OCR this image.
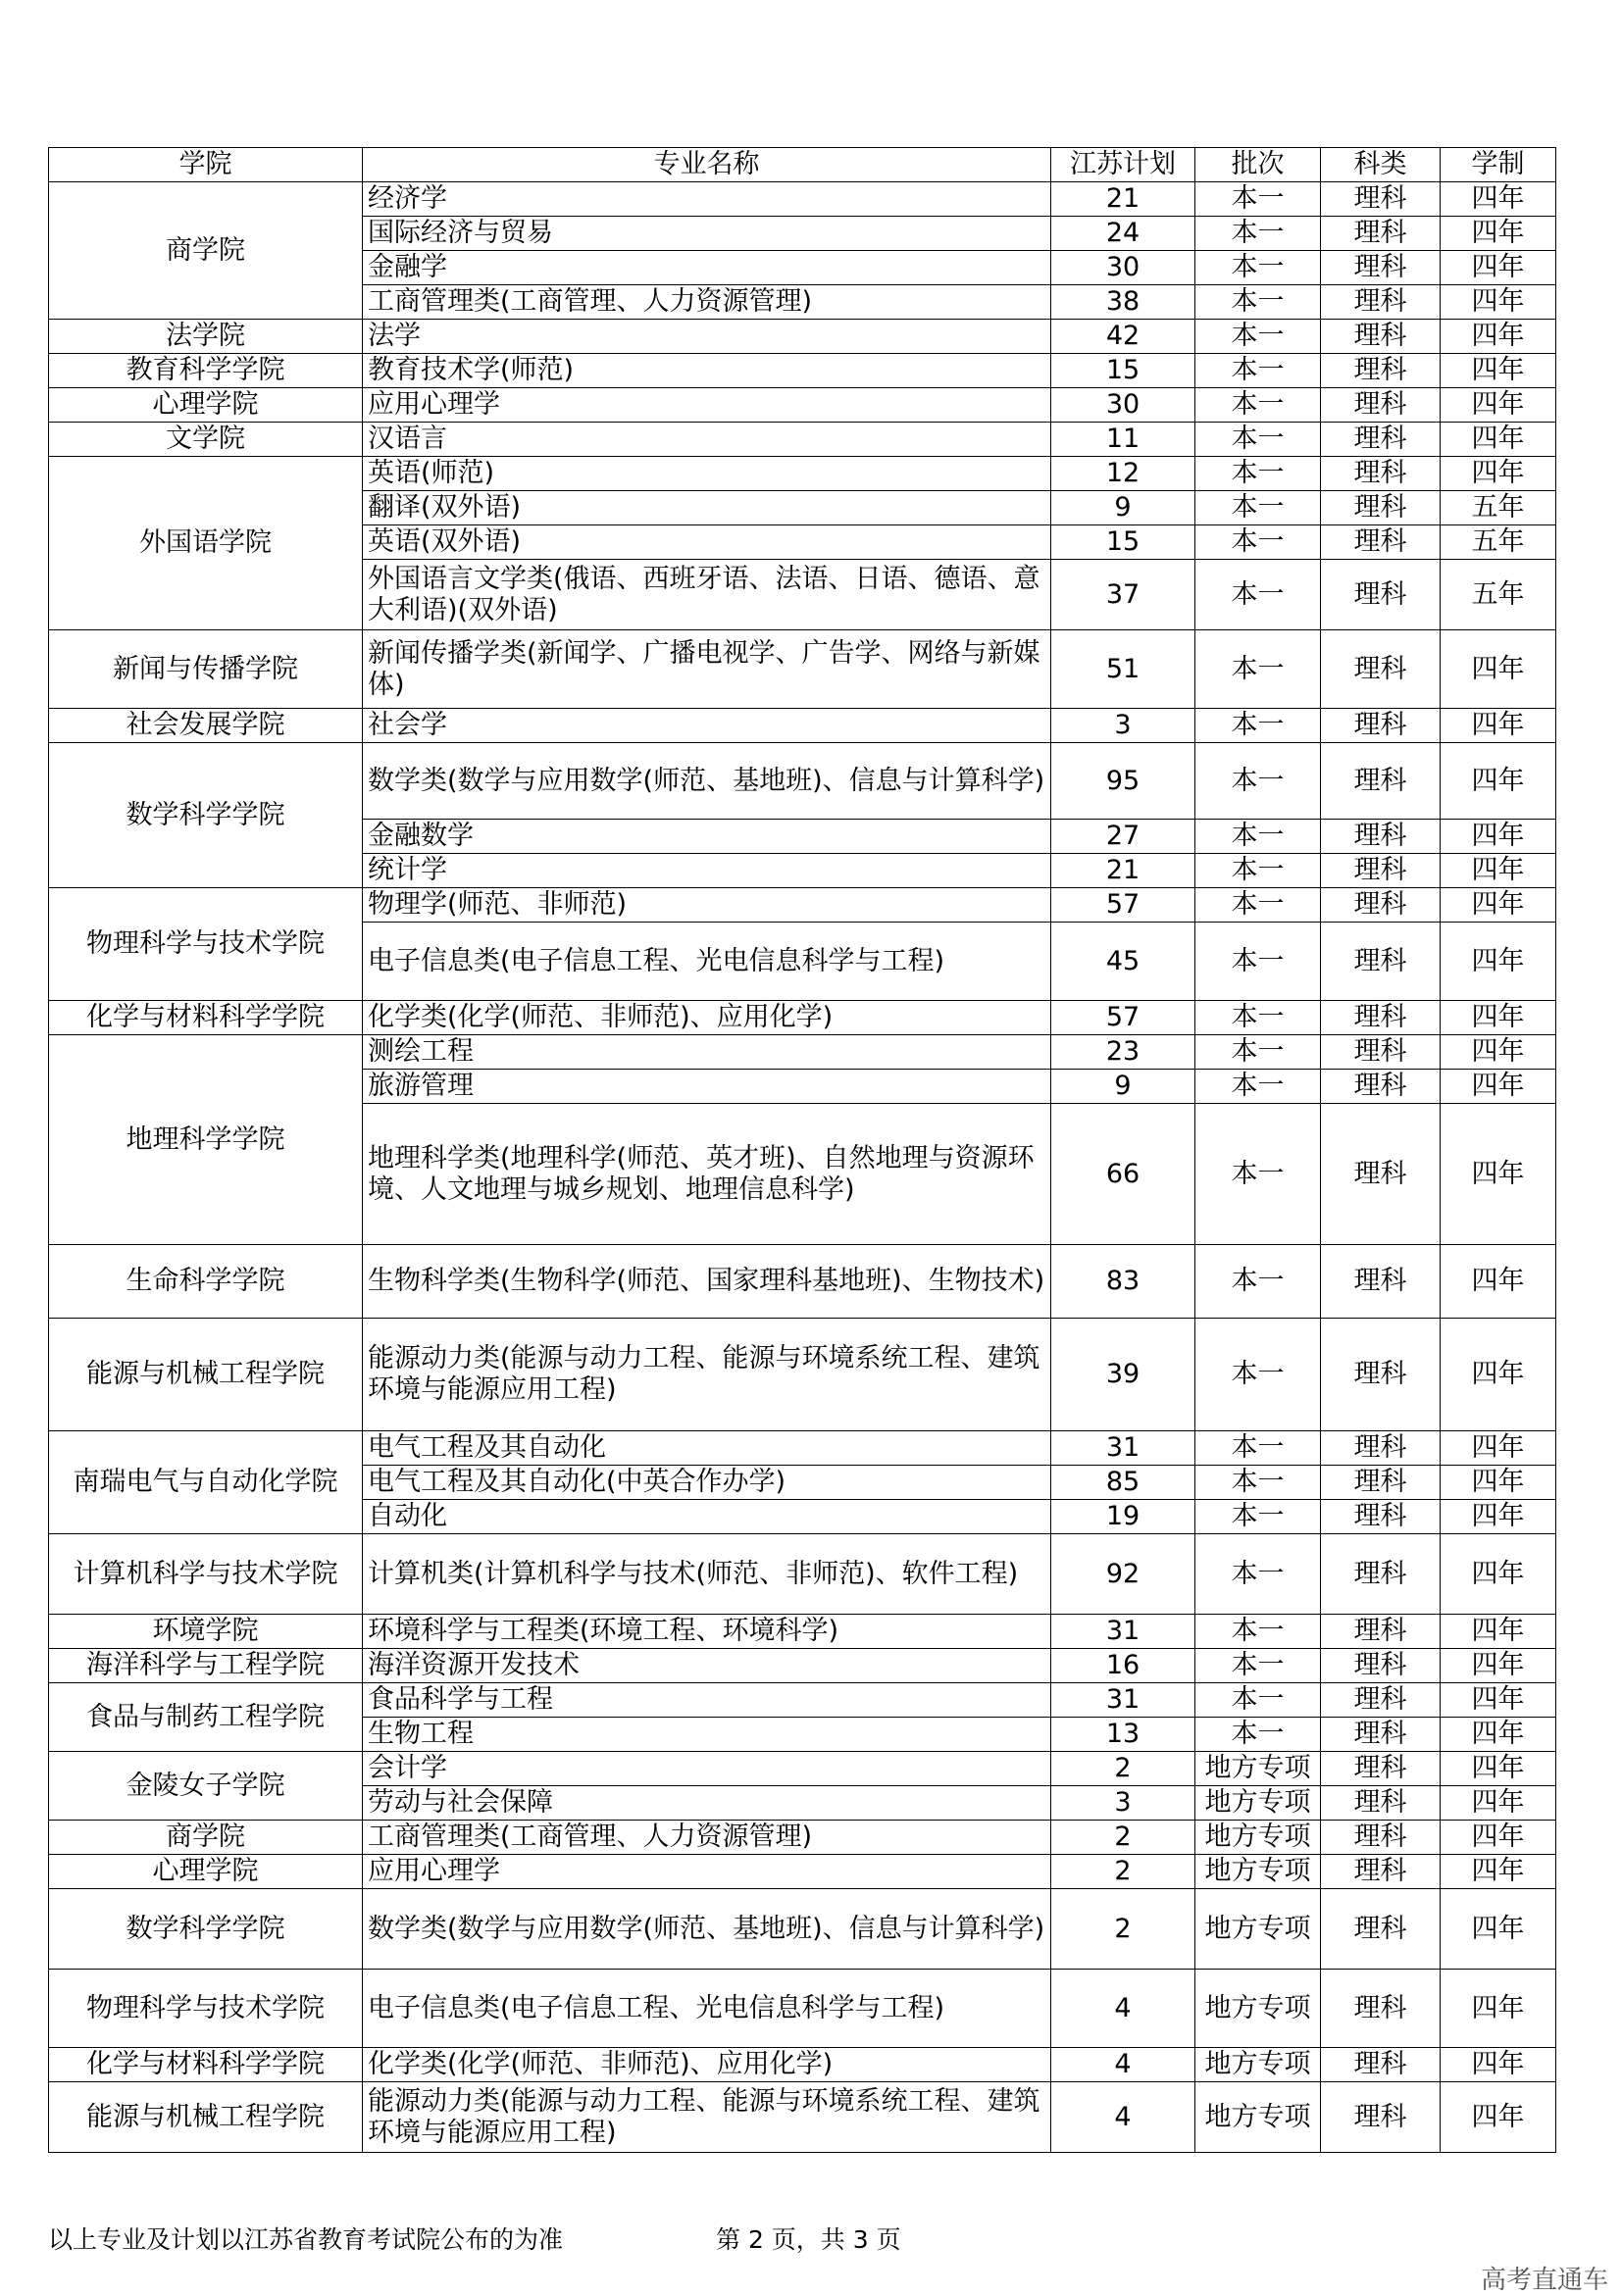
学院	专业名称	江苏计划	批次	科类	学制
商学院	经济学	21	本一	理科	四年
	国际经济与贸易	24	本一	理科	四年
	金融学	30	本一	理科	四年
	工商管理类(工商管理、人力资源管理)	38	本一	理科	四年
法学院	法学	42	本一	理科	四年
教育科学学院	教育技术学(师范)	15	本一	理科	四年
心理学院	应用心理学	30	本一	理科	四年
文学院	汉语言	11	本一	理科	四年
外国语学院	英语(师范)	12	本一	理科	四年
	翻译(双外语)	9	本一	理科	五年
	英语(双外语)	15	本一	理科	五年
	外国语言文学类(俄语、西班牙语、法语、日语、德语、意大利语)(双外语)	37	本一	理科	五年
新闻与传播学院	新闻传播学类(新闻学、广播电视学、广告学、网络与新媒体)	51	本一	理科	四年
社会发展学院	社会学	3	本一	理科	四年
数学科学学院	数学类(数学与应用数学(师范、基地班)、信息与计算科学)	95	本一	理科	四年
	金融数学	27	本一	理科	四年
	统计学	21	本一	理科	四年
物理科学与技术学院	物理学(师范、非师范)	57	本一	理科	四年
	电子信息类(电子信息工程、光电信息科学与工程)	45	本一	理科	四年
化学与材料科学学院	化学类(化学(师范、非师范)、应用化学)	57	本一	理科	四年
地理科学学院	测绘工程	23	本一	理科	四年
	旅游管理	9	本一	理科	四年
	地理科学类(地理科学(师范、英才班)、自然地理与资源环境、人文地理与城乡规划、地理信息科学)	66	本一	理科	四年
生命科学学院	生物科学类(生物科学(师范、国家理科基地班)、生物技术)	83	本一	理科	四年
能源与机械工程学院	能源动力类(能源与动力工程、能源与环境系统工程、建筑环境与能源应用工程)	39	本一	理科	四年
南瑞电气与自动化学院	电气工程及其自动化	31	本一	理科	四年
	电气工程及其自动化(中英合作办学)	85	本一	理科	四年
	自动化	19	本一	理科	四年
计算机科学与技术学院	计算机类(计算机科学与技术(师范、非师范)、软件工程)	92	本一	理科	四年
环境学院	环境科学与工程类(环境工程、环境科学)	31	本一	理科	四年
海洋科学与工程学院	海洋资源开发技术	16	本一	理科	四年
食品与制药工程学院	食品科学与工程	31	本一	理科	四年
	生物工程	13	本一	理科	四年
金陵女子学院	会计学	2	地方专项	理科	四年
	劳动与社会保障	3	地方专项	理科	四年
商学院	工商管理类(工商管理、人力资源管理)	2	地方专项	理科	四年
心理学院	应用心理学	2	地方专项	理科	四年
数学科学学院	数学类(数学与应用数学(师范、基地班)、信息与计算科学)	2	地方专项	理科	四年
物理科学与技术学院	电子信息类(电子信息工程、光电信息科学与工程)	4	地方专项	理科	四年
化学与材料科学学院	化学类(化学(师范、非师范)、应用化学)	4	地方专项	理科	四年
能源与机械工程学院	能源动力类(能源与动力工程、能源与环境系统工程、建筑环境与能源应用工程)	4	地方专项	理科	四年
以上专业及计划以江苏省教育考试院公布的为准	第 2 页，共 3 页
高考直通车
